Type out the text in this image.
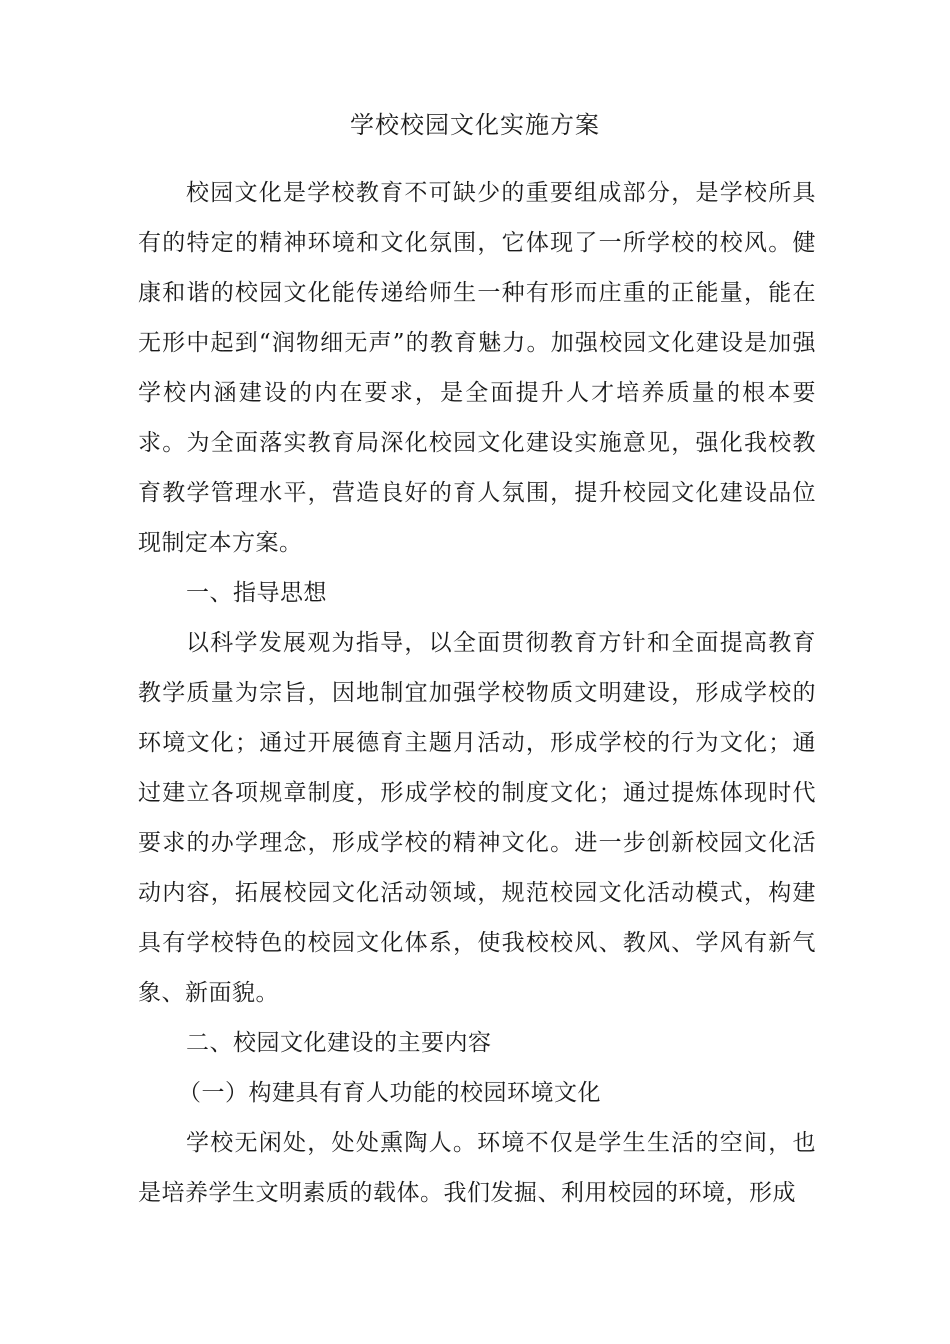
学校校园文化实施方案

校园文化是学校教育不可缺少的重要组成部分，是学校所具有的特定的精神环境和文化氛围，它体现了一所学校的校风。健康和谐的校园文化能传递给师生一种有形而庄重的正能量，能在无形中起到“润物细无声”的教育魅力。加强校园文化建设是加强学校内涵建设的内在要求，是全面提升人才培养质量的根本要求。为全面落实教育局深化校园文化建设实施意见，强化我校教育教学管理水平，营造良好的育人氛围，提升校园文化建设品位现制定本方案。

一、指导思想

以科学发展观为指导，以全面贯彻教育方针和全面提高教育教学质量为宗旨，因地制宜加强学校物质文明建设，形成学校的环境文化；通过开展德育主题月活动，形成学校的行为文化；通过建立各项规章制度，形成学校的制度文化；通过提炼体现时代要求的办学理念，形成学校的精神文化。进一步创新校园文化活动内容，拓展校园文化活动领域，规范校园文化活动模式，构建具有学校特色的校园文化体系，使我校校风、教风、学风有新气象、新面貌。

二、校园文化建设的主要内容

（一）构建具有育人功能的校园环境文化

学校无闲处，处处熏陶人。环境不仅是学生生活的空间，也是培养学生文明素质的载体。我们发掘、利用校园的环境，形成
